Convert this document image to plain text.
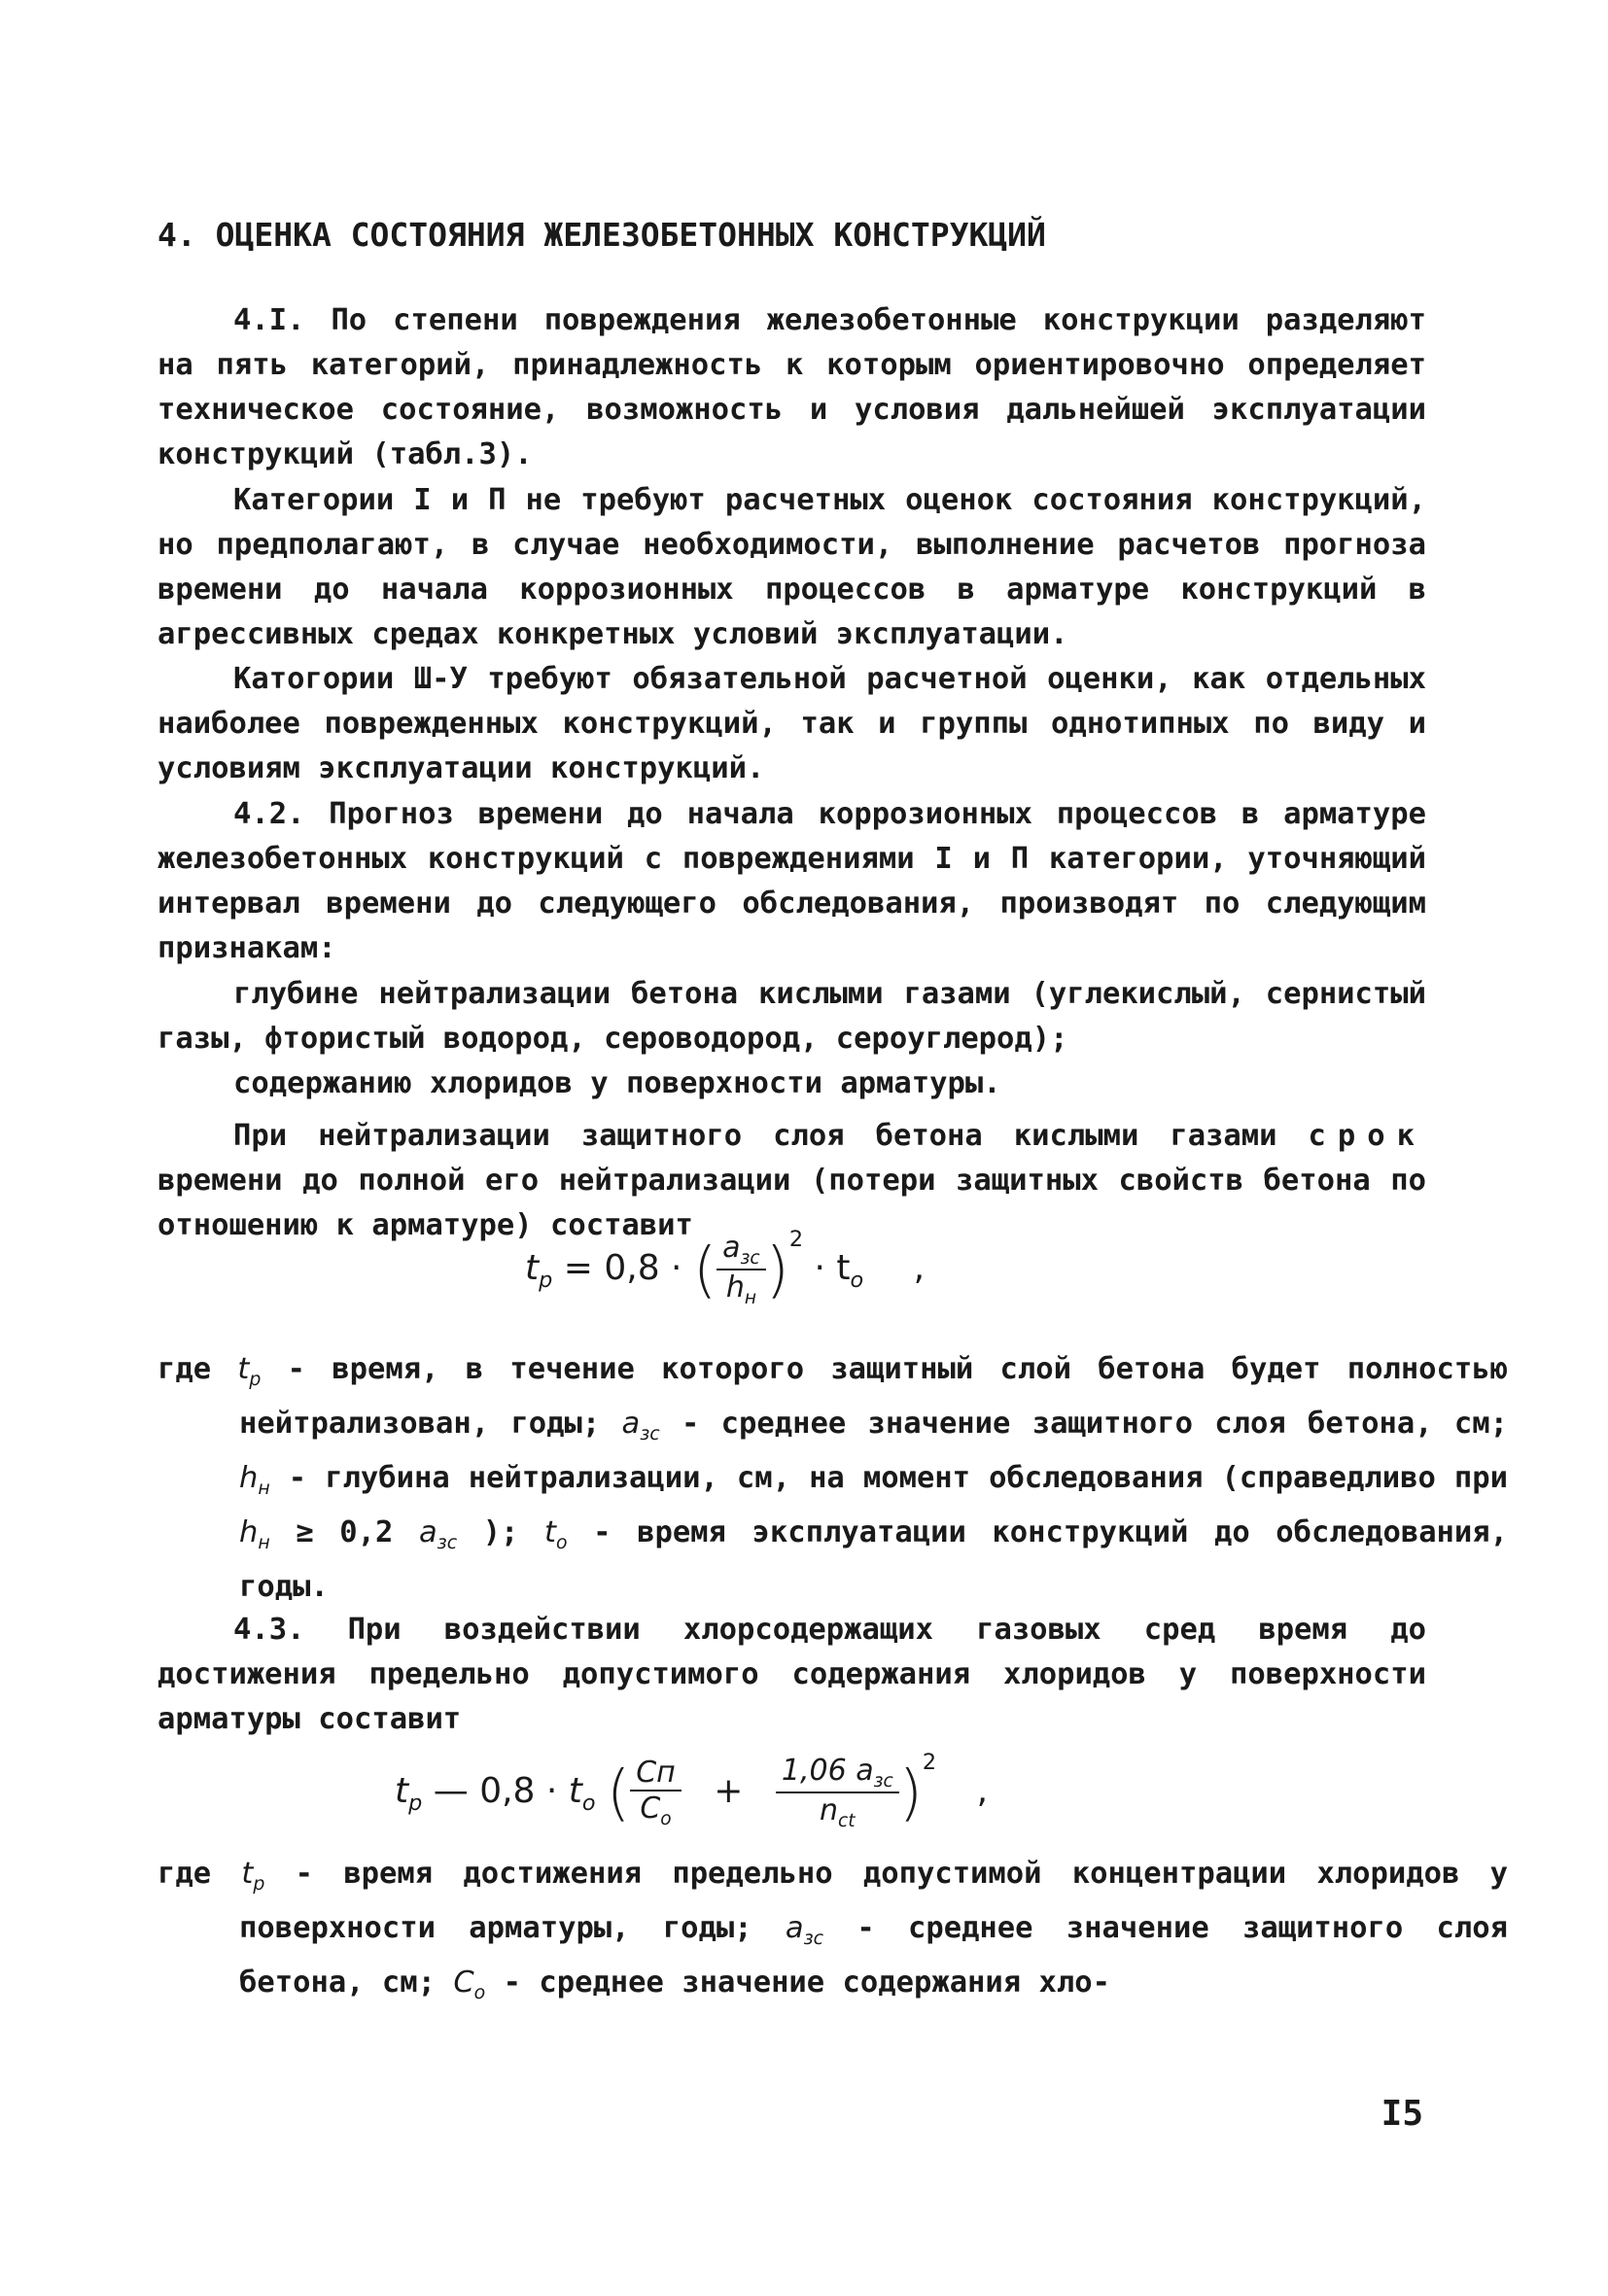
4. ОЦЕНКА СОСТОЯНИЯ ЖЕЛЕЗОБЕТОННЫХ КОНСТРУКЦИЙ

4.I. По степени повреждения железобетонные конструкции разделяют на пять категорий, принадлежность к которым ориентировочно определяет техническое состояние, возможность и условия дальнейшей эксплуатации конструкций (табл.3).

Категории I и П не требуют расчетных оценок состояния конструкций, но предполагают, в случае необходимости, выполнение расчетов прогноза времени до начала коррозионных процессов в арматуре конструкций в агрессивных средах конкретных условий эксплуатации.

Катогории Ш-У требуют обязательной расчетной оценки, как отдельных наиболее поврежденных конструкций, так и группы однотипных по виду и условиям эксплуатации конструкций.

4.2. Прогноз времени до начала коррозионных процессов в арматуре железобетонных конструкций с повреждениями I и П категории, уточняющий интервал времени до следующего обследования, производят по следующим признакам:

глубине нейтрализации бетона кислыми газами (углекислый, сернистый газы, фтористый водород, сероводород, сероуглерод);

содержанию хлоридов у поверхности арматуры.

При нейтрализации защитного слоя бетона кислыми газами срок времени до полной его нейтрализации (потери защитных свойств бетона по отношению к арматуре) составит

$t_р = 0,8$ · ( $\frac{а_{зс}}{h_н} )^2 \cdot t_о$ ,

где $t_р$ - время, в течение которого защитный слой бетона будет полностью нейтрализован, годы; $а_{зс}$ - среднее значение защитного слоя бетона, см; $h_н$ - глубина нейтрализации, см, на момент обследования (справедливо при $h_н \ge 0,2$ $а_{зс}$ ); $t_о$ - время эксплуатации конструкций до обследования, годы.

4.3. При воздействии хлорсодержащих газовых сред время до достижения предельно допустимого содержания хлоридов у поверхности арматуры составит

$t_р$ — $0,8 \cdot t_о$ ( $\frac{Сп}{С_о} + \frac{1,06 а_{зс}}{n_{сt}} )^2$ ,

где $t_р$ - время достижения предельно допустимой концентрации хлоридов у поверхности арматуры, годы; $а_{зс}$ - среднее значение защитного слоя бетона, см; $С_о$ - среднее значение содержания хло-

I5
